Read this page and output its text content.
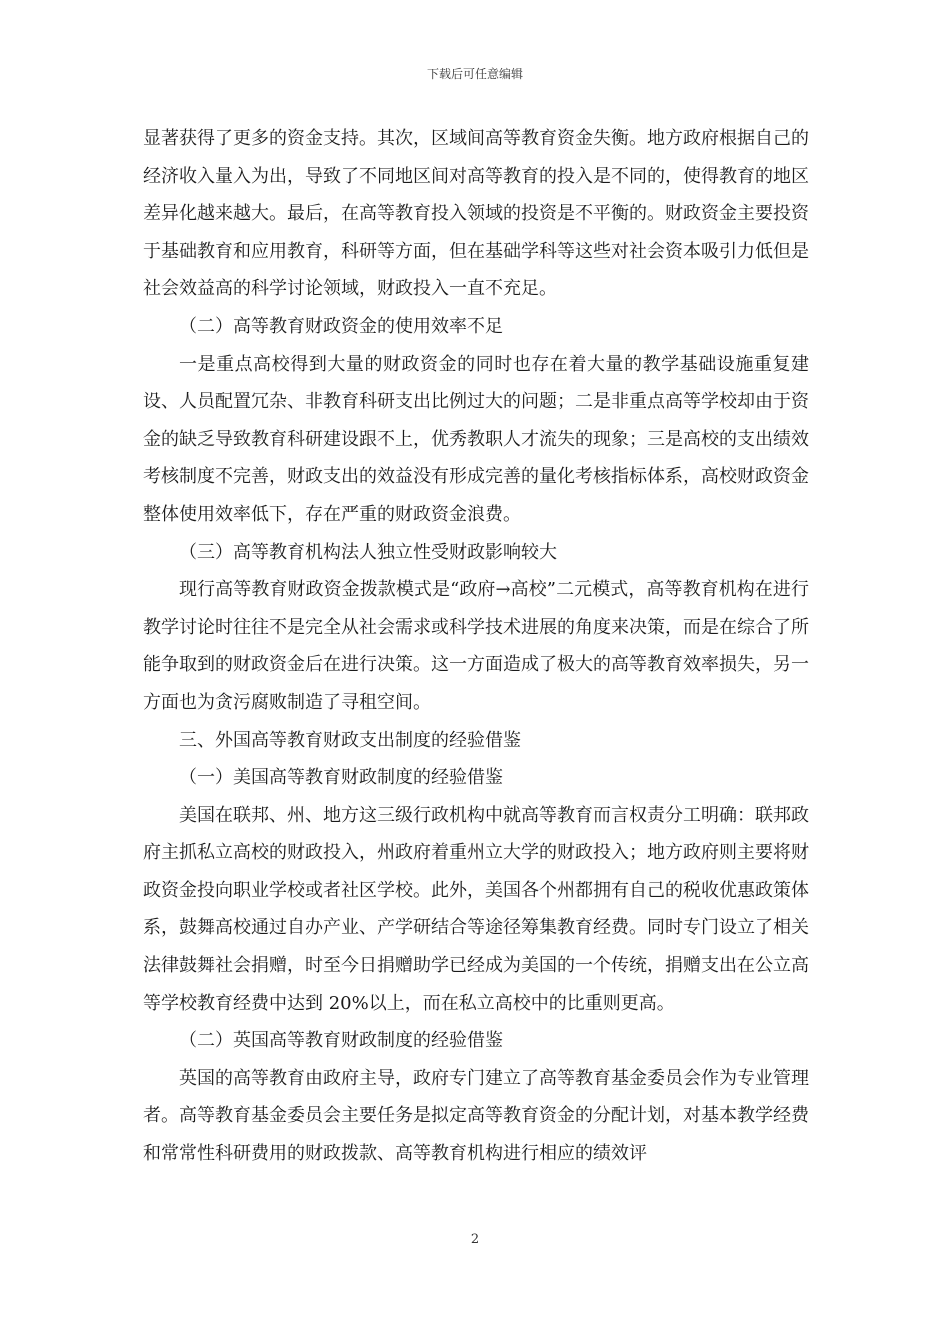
下载后可任意编辑

显著获得了更多的资金支持。其次，区域间高等教育资金失衡。地方政府根据自己的经济收入量入为出，导致了不同地区间对高等教育的投入是不同的，使得教育的地区差异化越来越大。最后，在高等教育投入领域的投资是不平衡的。财政资金主要投资于基础教育和应用教育，科研等方面，但在基础学科等这些对社会资本吸引力低但是社会效益高的科学讨论领域，财政投入一直不充足。

（二）高等教育财政资金的使用效率不足

一是重点高校得到大量的财政资金的同时也存在着大量的教学基础设施重复建设、人员配置冗杂、非教育科研支出比例过大的问题；二是非重点高等学校却由于资金的缺乏导致教育科研建设跟不上，优秀教职人才流失的现象；三是高校的支出绩效考核制度不完善，财政支出的效益没有形成完善的量化考核指标体系，高校财政资金整体使用效率低下，存在严重的财政资金浪费。

（三）高等教育机构法人独立性受财政影响较大

现行高等教育财政资金拨款模式是“政府→高校”二元模式，高等教育机构在进行教学讨论时往往不是完全从社会需求或科学技术进展的角度来决策，而是在综合了所能争取到的财政资金后在进行决策。这一方面造成了极大的高等教育效率损失，另一方面也为贪污腐败制造了寻租空间。

三、外国高等教育财政支出制度的经验借鉴

（一）美国高等教育财政制度的经验借鉴

美国在联邦、州、地方这三级行政机构中就高等教育而言权责分工明确：联邦政府主抓私立高校的财政投入，州政府着重州立大学的财政投入；地方政府则主要将财政资金投向职业学校或者社区学校。此外，美国各个州都拥有自己的税收优惠政策体系，鼓舞高校通过自办产业、产学研结合等途径筹集教育经费。同时专门设立了相关法律鼓舞社会捐赠，时至今日捐赠助学已经成为美国的一个传统，捐赠支出在公立高等学校教育经费中达到 20%以上，而在私立高校中的比重则更高。

（二）英国高等教育财政制度的经验借鉴

英国的高等教育由政府主导，政府专门建立了高等教育基金委员会作为专业管理者。高等教育基金委员会主要任务是拟定高等教育资金的分配计划，对基本教学经费和常常性科研费用的财政拨款、高等教育机构进行相应的绩效评

2
